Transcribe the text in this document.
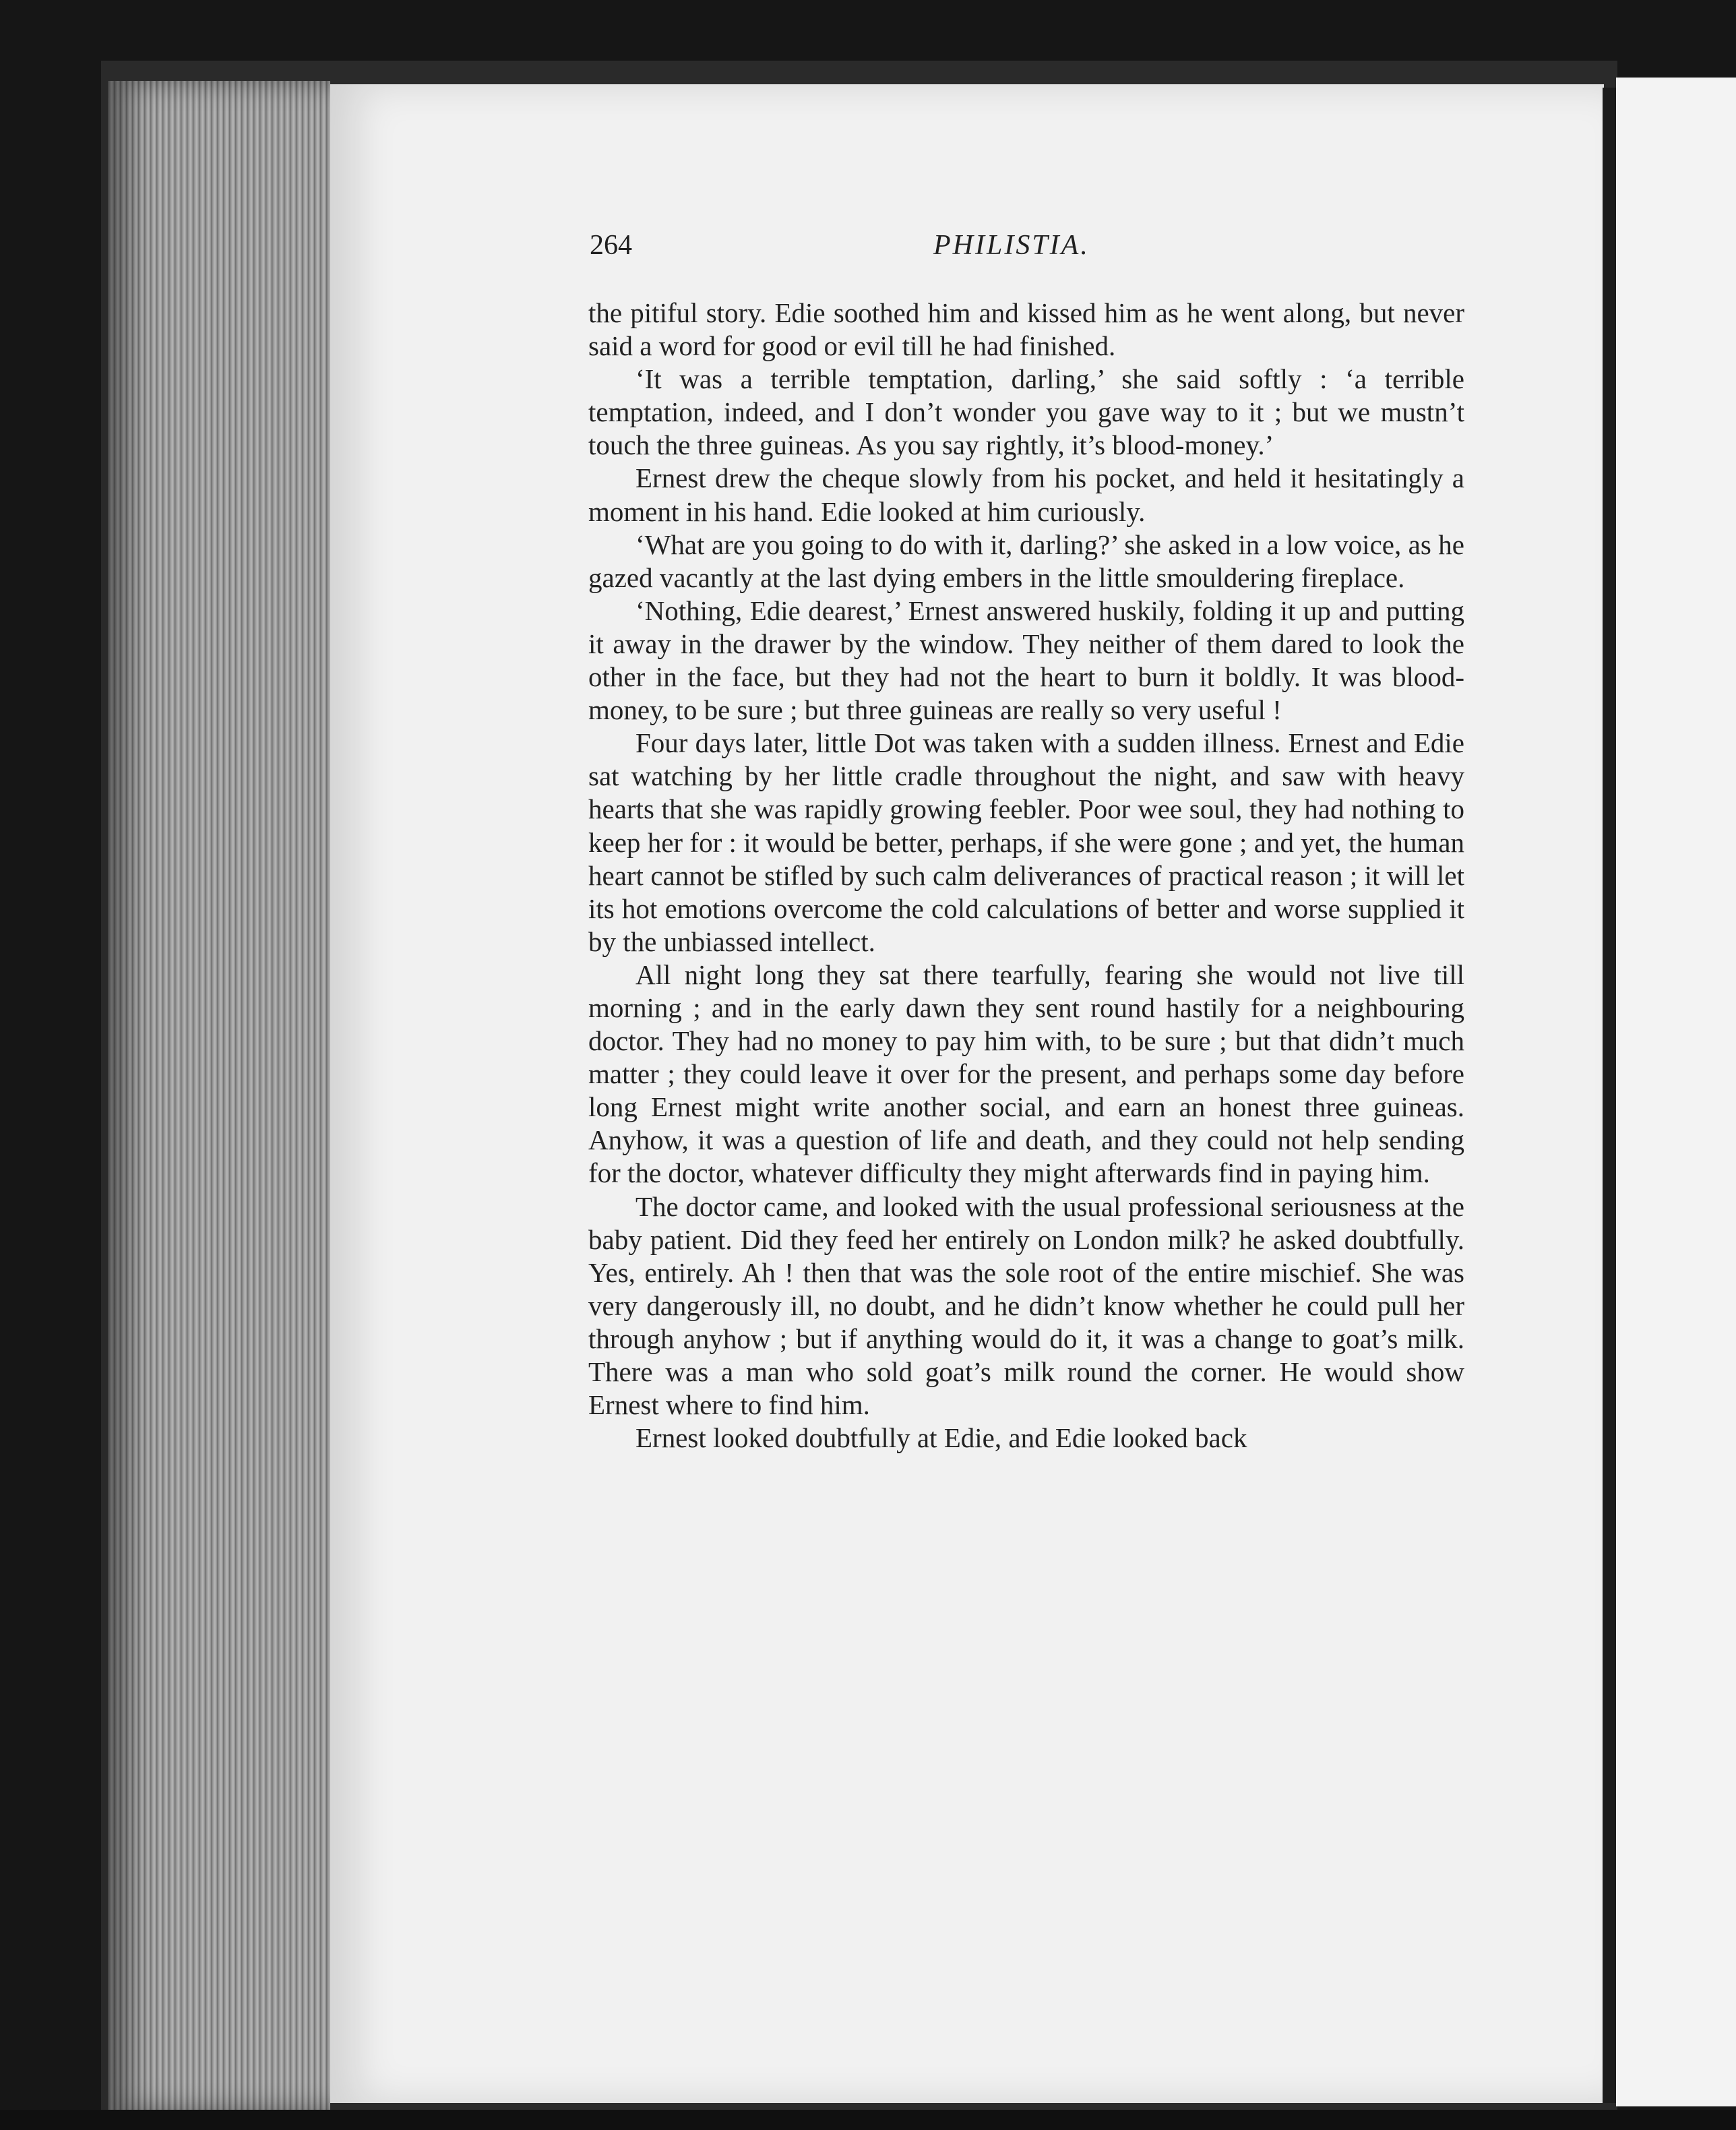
264	PHILISTIA.

the pitiful story. Edie soothed him and kissed him as he went along, but never said a word for good or evil till he had finished.

‘It was a terrible temptation, darling,’ she said softly : ‘a terrible temptation, indeed, and I don’t wonder you gave way to it ; but we mustn’t touch the three guineas. As you say rightly, it’s blood-money.’

Ernest drew the cheque slowly from his pocket, and held it hesitatingly a moment in his hand. Edie looked at him curiously.

‘What are you going to do with it, darling?’ she asked in a low voice, as he gazed vacantly at the last dying embers in the little smouldering fireplace.

‘Nothing, Edie dearest,’ Ernest answered huskily, folding it up and putting it away in the drawer by the window. They neither of them dared to look the other in the face, but they had not the heart to burn it boldly. It was blood-money, to be sure ; but three guineas are really so very useful !

Four days later, little Dot was taken with a sudden illness. Ernest and Edie sat watching by her little cradle throughout the night, and saw with heavy hearts that she was rapidly growing feebler. Poor wee soul, they had nothing to keep her for : it would be better, perhaps, if she were gone ; and yet, the human heart cannot be stifled by such calm deliverances of practical reason ; it will let its hot emotions overcome the cold calculations of better and worse supplied it by the unbiassed intellect.

All night long they sat there tearfully, fearing she would not live till morning ; and in the early dawn they sent round hastily for a neighbouring doctor. They had no money to pay him with, to be sure ; but that didn’t much matter ; they could leave it over for the present, and perhaps some day before long Ernest might write another social, and earn an honest three guineas. Anyhow, it was a question of life and death, and they could not help sending for the doctor, whatever difficulty they might afterwards find in paying him.

The doctor came, and looked with the usual professional seriousness at the baby patient. Did they feed her entirely on London milk? he asked doubtfully. Yes, entirely. Ah ! then that was the sole root of the entire mischief. She was very dangerously ill, no doubt, and he didn’t know whether he could pull her through anyhow ; but if anything would do it, it was a change to goat’s milk. There was a man who sold goat’s milk round the corner. He would show Ernest where to find him.

Ernest looked doubtfully at Edie, and Edie looked back
